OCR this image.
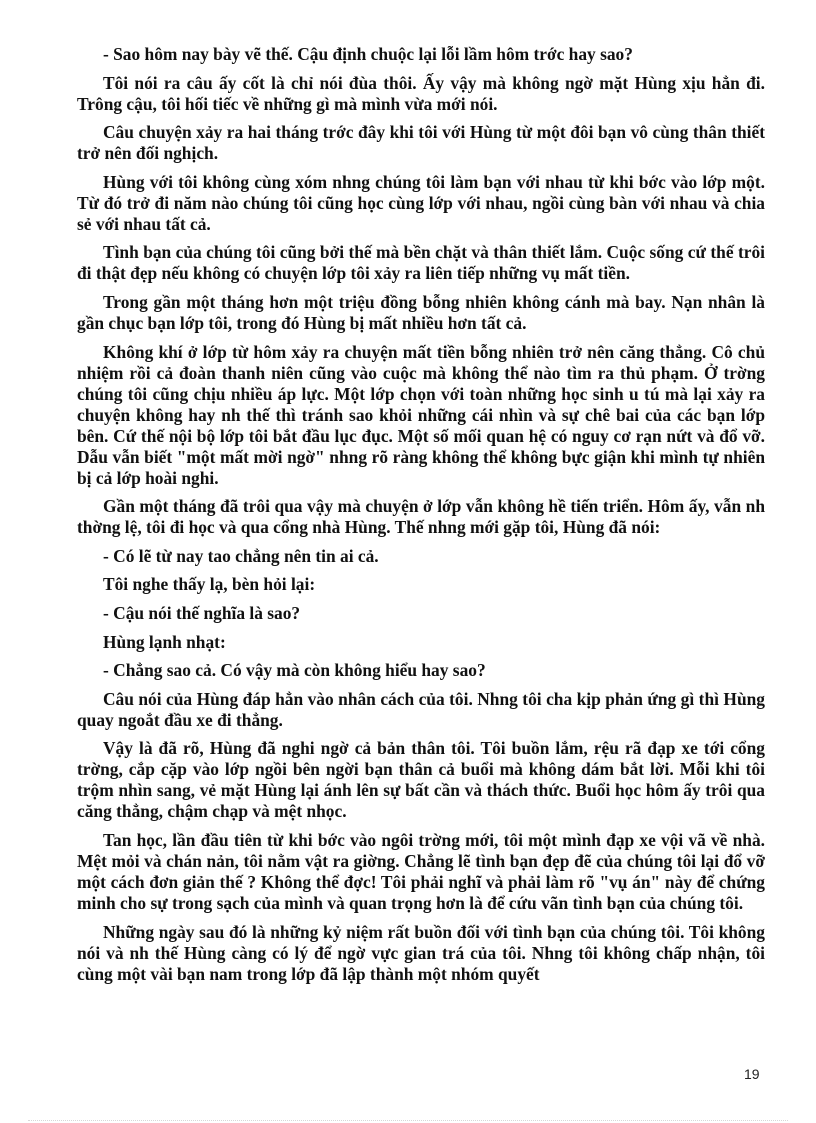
- Sao hôm nay bày vẽ thế. Cậu định chuộc lại lỗi lầm hôm trớc hay sao?

Tôi nói ra câu ấy cốt là chỉ nói đùa thôi. Ấy vậy mà không ngờ mặt Hùng xịu hẳn đi. Trông cậu, tôi hối tiếc về những gì mà mình vừa mới nói.

Câu chuyện xảy ra hai tháng trớc đây khi tôi với Hùng từ một đôi bạn vô cùng thân thiết trở nên đối nghịch.

Hùng với tôi không cùng xóm nhng chúng tôi làm bạn với nhau từ khi bớc vào lớp một. Từ đó trở đi năm nào chúng tôi cũng học cùng lớp với nhau, ngồi cùng bàn với nhau và chia sẻ với nhau tất cả.

Tình bạn của chúng tôi cũng bởi thế mà bền chặt và thân thiết lắm. Cuộc sống cứ thế trôi đi thật đẹp nếu không có chuyện lớp tôi xảy ra liên tiếp những vụ mất tiền.

Trong gần một tháng hơn một triệu đồng bỗng nhiên không cánh mà bay. Nạn nhân là gần chục bạn lớp tôi, trong đó Hùng bị mất nhiều hơn tất cả.

Không khí ở lớp từ hôm xảy ra chuyện mất tiền bỗng nhiên trở nên căng thẳng. Cô chủ nhiệm rồi cả đoàn thanh niên cũng vào cuộc mà không thể nào tìm ra thủ phạm. Ở trờng chúng tôi cũng chịu nhiều áp lực. Một lớp chọn với toàn những học sinh u tú mà lại xảy ra chuyện không hay nh thế thì tránh sao khỏi những cái nhìn và sự chê bai của các bạn lớp bên. Cứ thế nội bộ lớp tôi bắt đầu lục đục. Một số mối quan hệ có nguy cơ rạn nứt và đổ vỡ. Dẫu vẫn biết "một mất mời ngờ" nhng rõ ràng không thể không bực giận khi mình tự nhiên bị cả lớp hoài nghi.

Gần một tháng đã trôi qua vậy mà chuyện ở lớp vẫn không hề tiến triển. Hôm ấy, vẫn nh thờng lệ, tôi đi học và qua cổng nhà Hùng. Thế nhng mới gặp tôi, Hùng đã nói:

- Có lẽ từ nay tao chẳng nên tin ai cả.

Tôi nghe thấy lạ, bèn hỏi lại:

- Cậu nói thế nghĩa là sao?

Hùng lạnh nhạt:

- Chẳng sao cả. Có vậy mà còn không hiểu hay sao?

Câu nói của Hùng đáp hẳn vào nhân cách của tôi. Nhng tôi cha kịp phản ứng gì thì Hùng quay ngoắt đầu xe đi thẳng.

Vậy là đã rõ, Hùng đã nghi ngờ cả bản thân tôi. Tôi buồn lắm, rệu rã đạp xe tới cổng trờng, cắp cặp vào lớp ngồi bên ngời bạn thân cả buổi mà không dám bắt lời. Mỗi khi tôi trộm nhìn sang, vẻ mặt Hùng lại ánh lên sự bất cần và thách thức. Buổi học hôm ấy trôi qua căng thẳng, chậm chạp và mệt nhọc.

Tan học, lần đầu tiên từ khi bớc vào ngôi trờng mới, tôi một mình đạp xe vội vã về nhà. Mệt mỏi và chán nản, tôi nằm vật ra giờng. Chẳng lẽ tình bạn đẹp đẽ của chúng tôi lại đổ vỡ một cách đơn giản thế ? Không thể đợc! Tôi phải nghĩ và phải làm rõ "vụ án" này để chứng minh cho sự trong sạch của mình và quan trọng hơn là để cứu vãn tình bạn của chúng tôi.

Những ngày sau đó là những kỷ niệm rất buồn đối với tình bạn của chúng tôi. Tôi không nói và nh thế Hùng càng có lý để ngờ vực gian trá của tôi. Nhng tôi không chấp nhận, tôi cùng một vài bạn nam trong lớp đã lập thành một nhóm quyết

19
